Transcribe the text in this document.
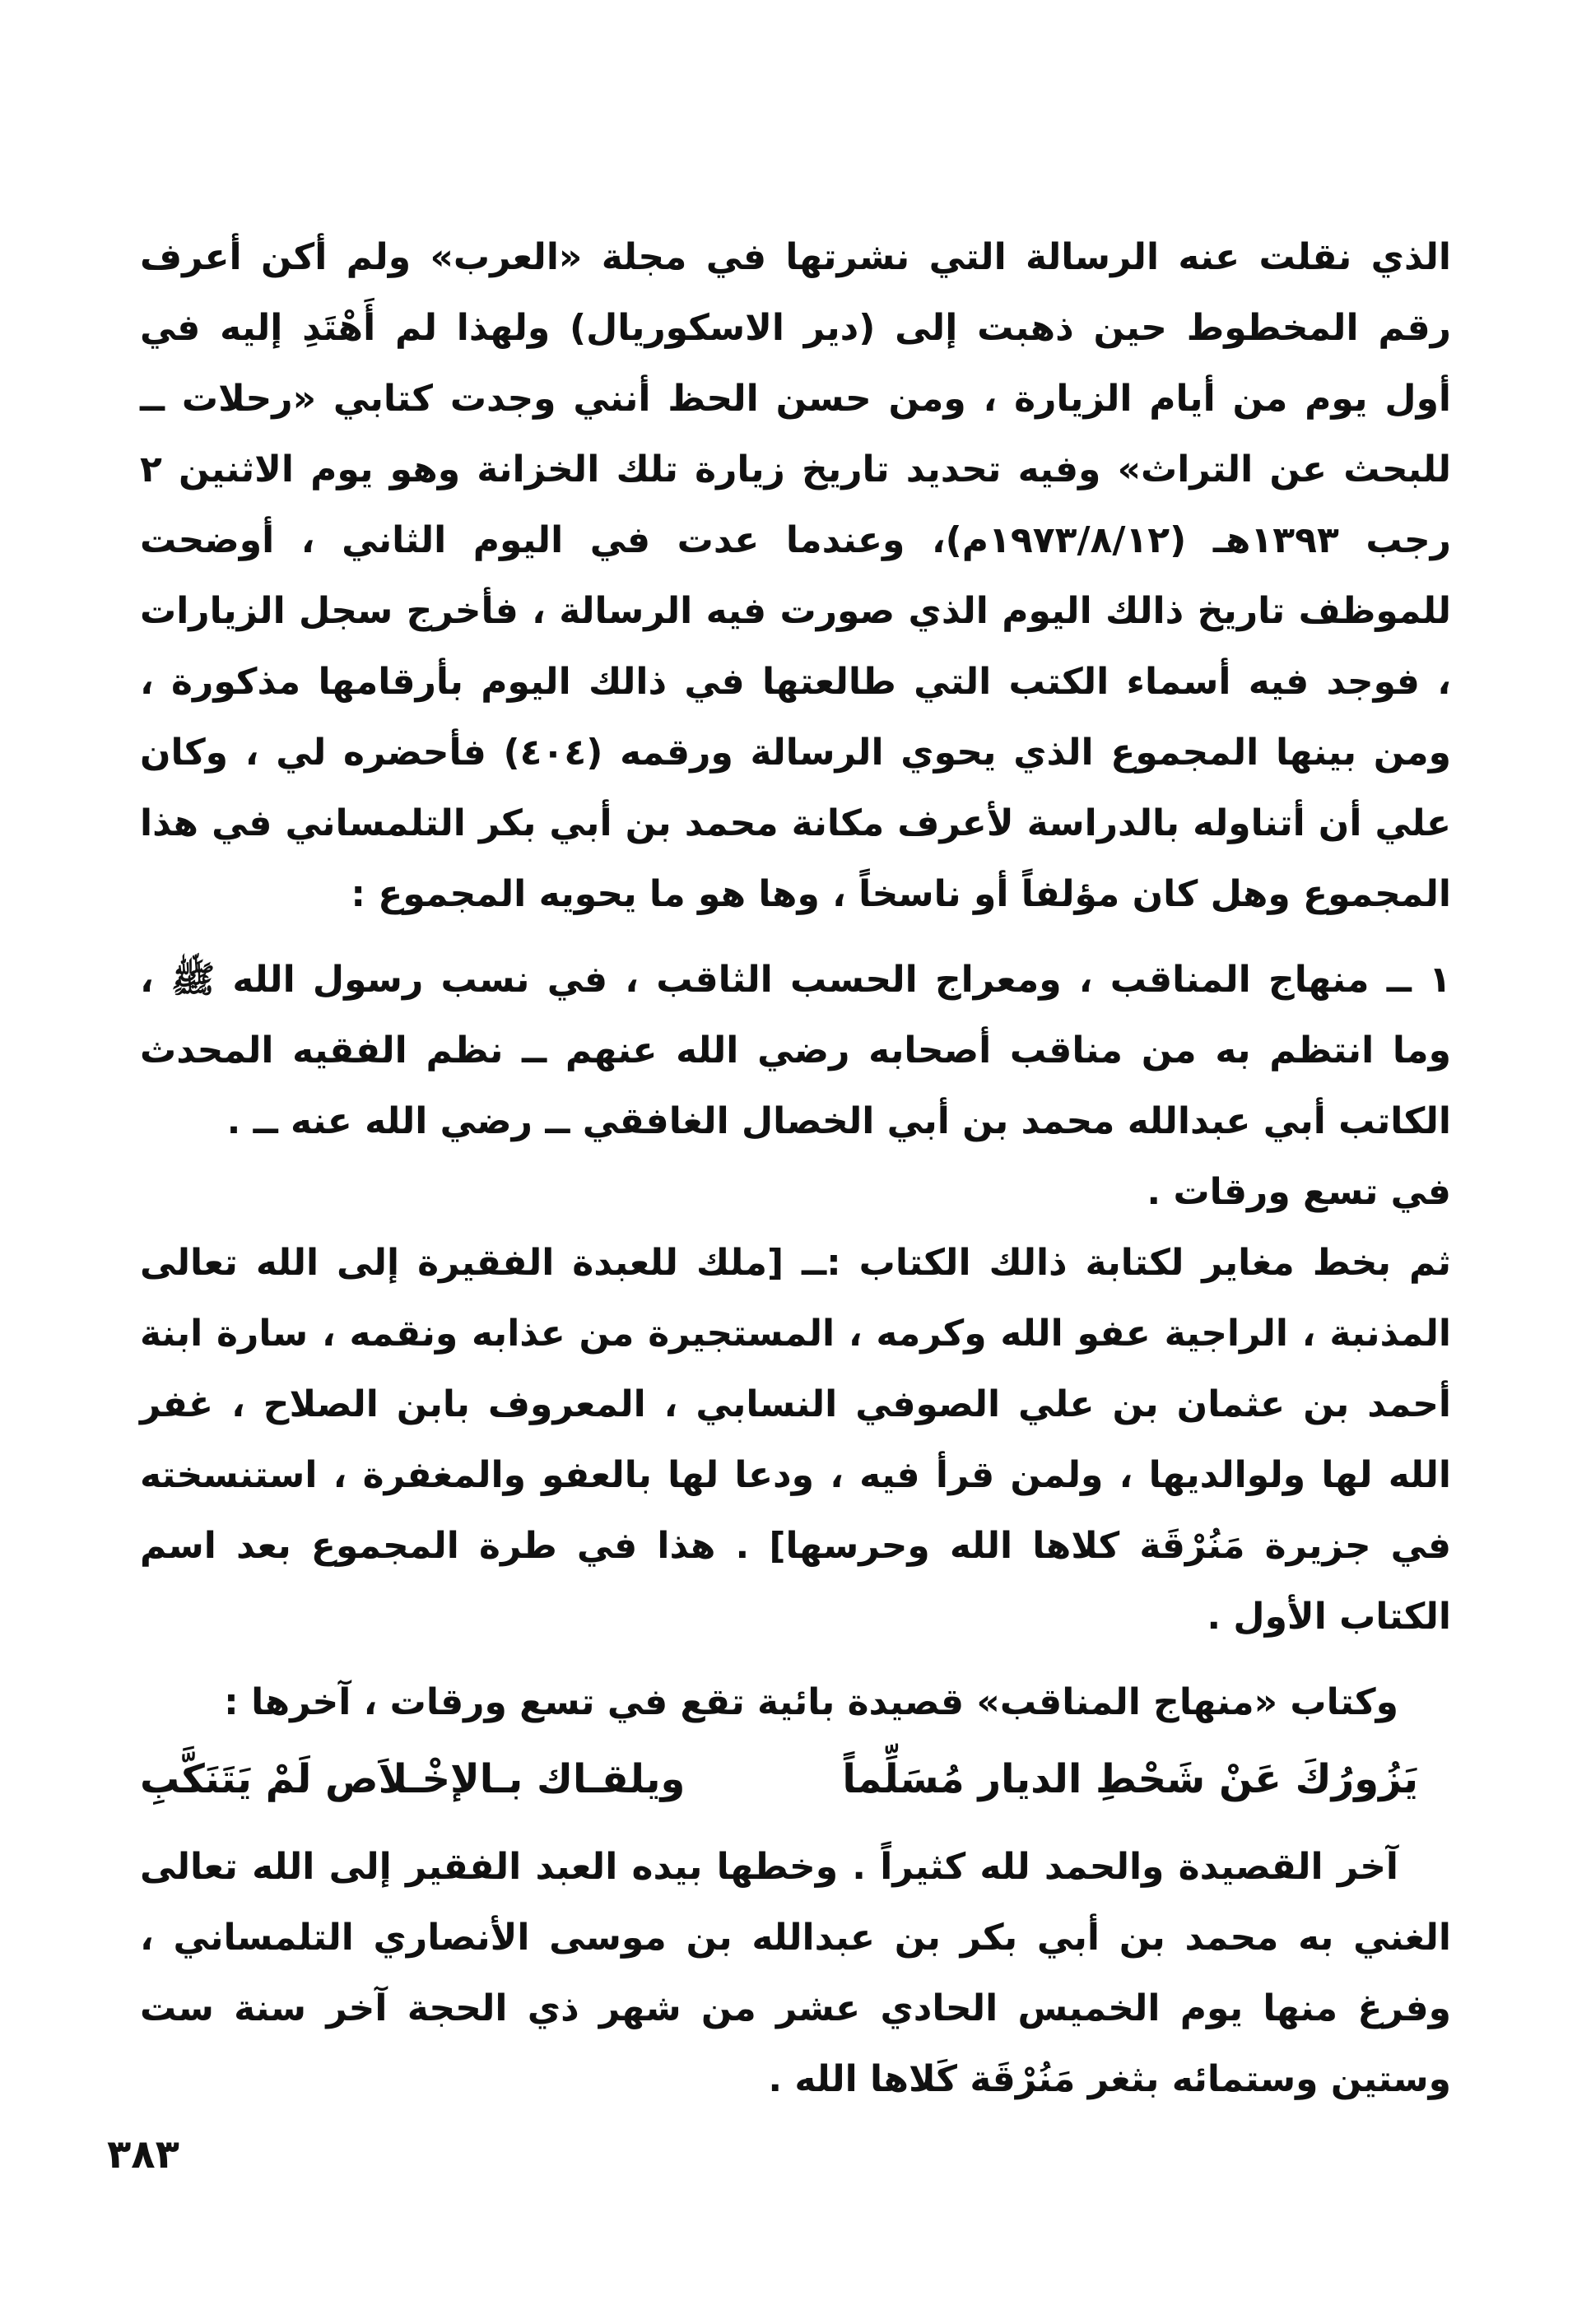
الذي نقلت عنه الرسالة التي نشرتها في مجلة «العرب» ولم أكن أعرف رقم المخطوط حين ذهبت إلى (دير الاسكوريال) ولهذا لم أَهْتَدِ إليه في أول يوم من أيام الزيارة ، ومن حسن الحظ أنني وجدت كتابي «رحلات ــ للبحث عن التراث» وفيه تحديد تاريخ زيارة تلك الخزانة وهو يوم الاثنين ٢ رجب ١٣٩٣هـ (١٩٧٣/٨/١٢م)، وعندما عدت في اليوم الثاني ، أوضحت للموظف تاريخ ذالك اليوم الذي صورت فيه الرسالة ، فأخرج سجل الزيارات ، فوجد فيه أسماء الكتب التي طالعتها في ذالك اليوم بأرقامها مذكورة ، ومن بينها المجموع الذي يحوي الرسالة ورقمه (٤٠٤) فأحضره لي ، وكان علي أن أتناوله بالدراسة لأعرف مكانة محمد بن أبي بكر التلمساني في هذا المجموع وهل كان مؤلفاً أو ناسخاً ، وها هو ما يحويه المجموع :

١ ــ منهاج المناقب ، ومعراج الحسب الثاقب ، في نسب رسول الله ﷺ ، وما انتظم به من مناقب أصحابه رضي الله عنهم ــ نظم الفقيه المحدث الكاتب أبي عبدالله محمد بن أبي الخصال الغافقي ــ رضي الله عنه ــ .

في تسع ورقات .

ثم بخط مغاير لكتابة ذالك الكتاب :ــ [ملك للعبدة الفقيرة إلى الله تعالى المذنبة ، الراجية عفو الله وكرمه ، المستجيرة من عذابه ونقمه ، سارة ابنة أحمد بن عثمان بن علي الصوفي النسابي ، المعروف بابن الصلاح ، غفر الله لها ولوالديها ، ولمن قرأ فيه ، ودعا لها بالعفو والمغفرة ، استنسخته في جزيرة مَنُرْقَة كلاها الله وحرسها] . هذا في طرة المجموع بعد اسم الكتاب الأول .

وكتاب «منهاج المناقب» قصيدة بائية تقع في تسع ورقات ، آخرها :

يَزُورُكَ عَنْ شَحْطِ الديار مُسَلِّماً
ويلقـاك بـالإخْـلاَص لَمْ يَتَنَكَّبِ

آخر القصيدة والحمد لله كثيراً . وخطها بيده العبد الفقير إلى الله تعالى الغني به محمد بن أبي بكر بن عبدالله بن موسى الأنصاري التلمساني ، وفرغ منها يوم الخميس الحادي عشر من شهر ذي الحجة آخر سنة ست وستين وستمائه بثغر مَنُرْقَة كَلاها الله .

٣٨٣
